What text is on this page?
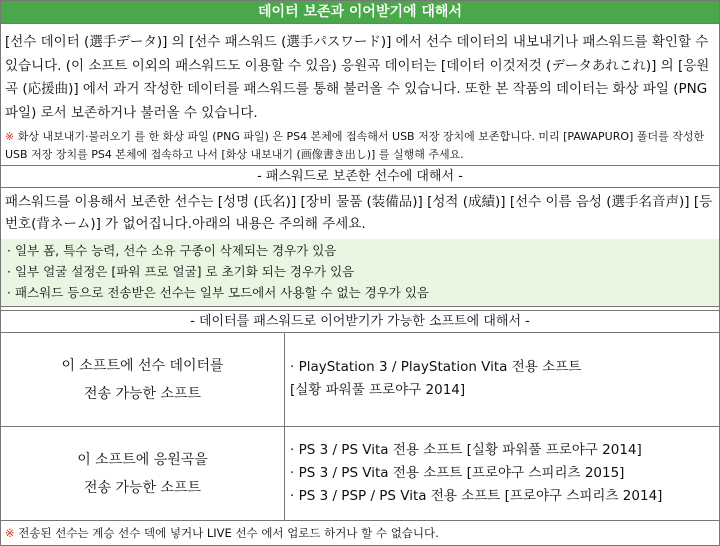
데이터 보존과 이어받기에 대해서
[선수 데이터 (選手データ)] 의 [선수 패스워드 (選手パスワード)] 에서 선수 데이터의 내보내기나 패스워드를 확인할 수 있습니다. (이 소프트 이외의 패스워드도 이용할 수 있음) 응원곡 데이터는 [데이터 이것저것 (データあれこれ)] 의 [응원곡 (応援曲)] 에서 과거 작성한 데이터를 패스워드를 통해 불러올 수 있습니다. 또한 본 작품의 데이터는 화상 파일 (PNG 파일) 로서 보존하거나 불러올 수 있습니다.
※ 화상 내보내기·불러오기 를 한 화상 파일 (PNG 파일) 은 PS4 본체에 접속해서 USB 저장 장치에 보존합니다. 미리 [PAWAPURO] 폴더를 작성한 USB 저장 장치를 PS4 본체에 접속하고 나서 [화상 내보내기 (画像書き出し)] 를 실행해 주세요.
- 패스워드로 보존한 선수에 대해서 -
패스워드를 이용해서 보존한 선수는 [성명 (氏名)] [장비 물품 (装備品)] [성적 (成績)] [선수 이름 음성 (選手名音声)] [등번호(背ネーム)] 가 없어집니다.아래의 내용은 주의해 주세요.
· 일부 폼, 특수 능력, 선수 소유 구종이 삭제되는 경우가 있음
· 일부 얼굴 설정은 [파워 프로 얼굴] 로 초기화 되는 경우가 있음
· 패스워드 등으로 전송받은 선수는 일부 모드에서 사용할 수 없는 경우가 있음
- 데이터를 패스워드로 이어받기가 가능한 소프트에 대해서 -
이 소프트에 선수 데이터를
전송 가능한 소프트
· PlayStation 3 / PlayStation Vita 전용 소프트
[실황 파워풀 프로야구 2014]
이 소프트에 응원곡을
전송 가능한 소프트
· PS 3 / PS Vita 전용 소프트 [실황 파워풀 프로야구 2014]
· PS 3 / PS Vita 전용 소프트 [프로야구 스피리츠 2015]
· PS 3 / PSP / PS Vita 전용 소프트 [프로야구 스피리츠 2014]
※ 전송된 선수는 계승 선수 덱에 넣거나 LIVE 선수 에서 업로드 하거나 할 수 없습니다.
